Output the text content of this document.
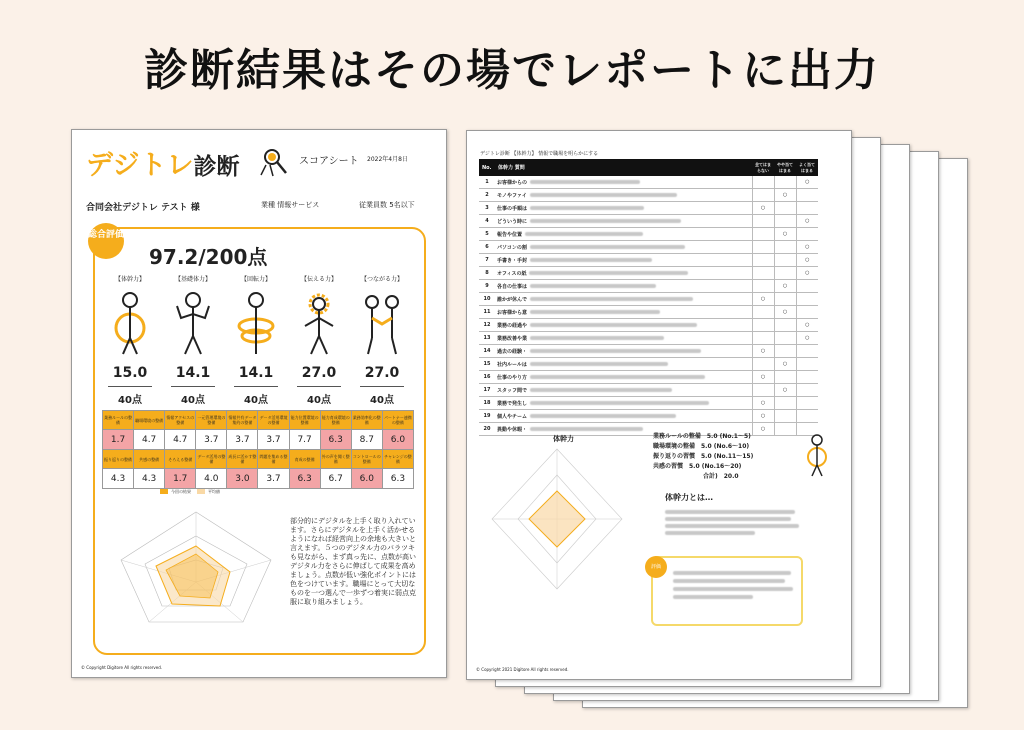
診断結果はその場でレポートに出力
デジトレ診断	スコアシート 2022年4月8日
合同会社デジトレ テスト 様	業種 情報サービス	従業員数 5名以下
総合評価
97.2/200点
【体幹力】	【基礎体力】	【回転力】	【伝える力】	【つながる力】
15.0	14.1	14.1	27.0	27.0
40点	40点	40点	40点	40点
業務ルールの整備	職場環境の整備	情報アクセスの整備	一元管理環境の整備	情報共有データ集約の整備	データ活用環境の整備	能力位置環境の整備	能力育成環境の整備	業務効率化の整備	パートナー連携の整備
1.7	4.7	4.7	3.7	3.7	3.7	7.7	6.3	8.7	6.0
振り返りの整備	共感の整備	そろえる整備	データ活用の整備	成長に活かす整備	問題を集める整備	育成の整備	外の声を聞く整備	コントロールの整備	チャレンジの整備
4.3	4.3	1.7	4.0	3.0	3.7	6.3	6.7	6.0	6.3
今回の結果	平均値

部分的にデジタルを上手く取り入れています。さらにデジタルを上手く活かせるようになれば経営向上の余地も大きいと言えます。５つのデジタル力のバラツキも見ながら、まず真っ先に、点数が高いデジタル力をさらに伸ばして成果を高めましょう。点数が低い強化ポイントには色をつけています。職場にとって大切なものを一つ選んで一歩ずつ着実に弱点克服に取り組みましょう。

© Copyright Digitore All rights reserved.
デジトレ診断 【体幹力】 情報で職場を明らかにする
No.	体幹力 質問	全てはまらない	やや当てはまる	よく当てはまる
1	お客様からの			○
2	モノやファイ		○	
3	仕事の手順は	○		
4	どういう時に			○
5	報告や位置		○	
6	パソコンの割			○
7	手書き・手封			○
8	オフィスの紙			○
9	各自の仕事は		○	
10	誰かが休んで	○		
11	お客様から意		○	
12	業務の経過や			○
13	業務改善や業			○
14	過去の経験・	○		
15	社内ルールは		○	
16	仕事のやり方	○		
17	スタッフ間で		○	
18	業務で発生し	○		
19	個人やチーム	○		
20	異動や休暇・	○		
体幹力	業務ルールの整備　5.0 (No.1〜5)
職場環境の整備　5.0 (No.6〜10)
振り返りの習慣　5.0 (No.11〜15)
共感の習慣　5.0 (No.16〜20)
合計)　20.0
体幹力とは…
評価
© Copyright 2021 Digitore All rights reserved.
